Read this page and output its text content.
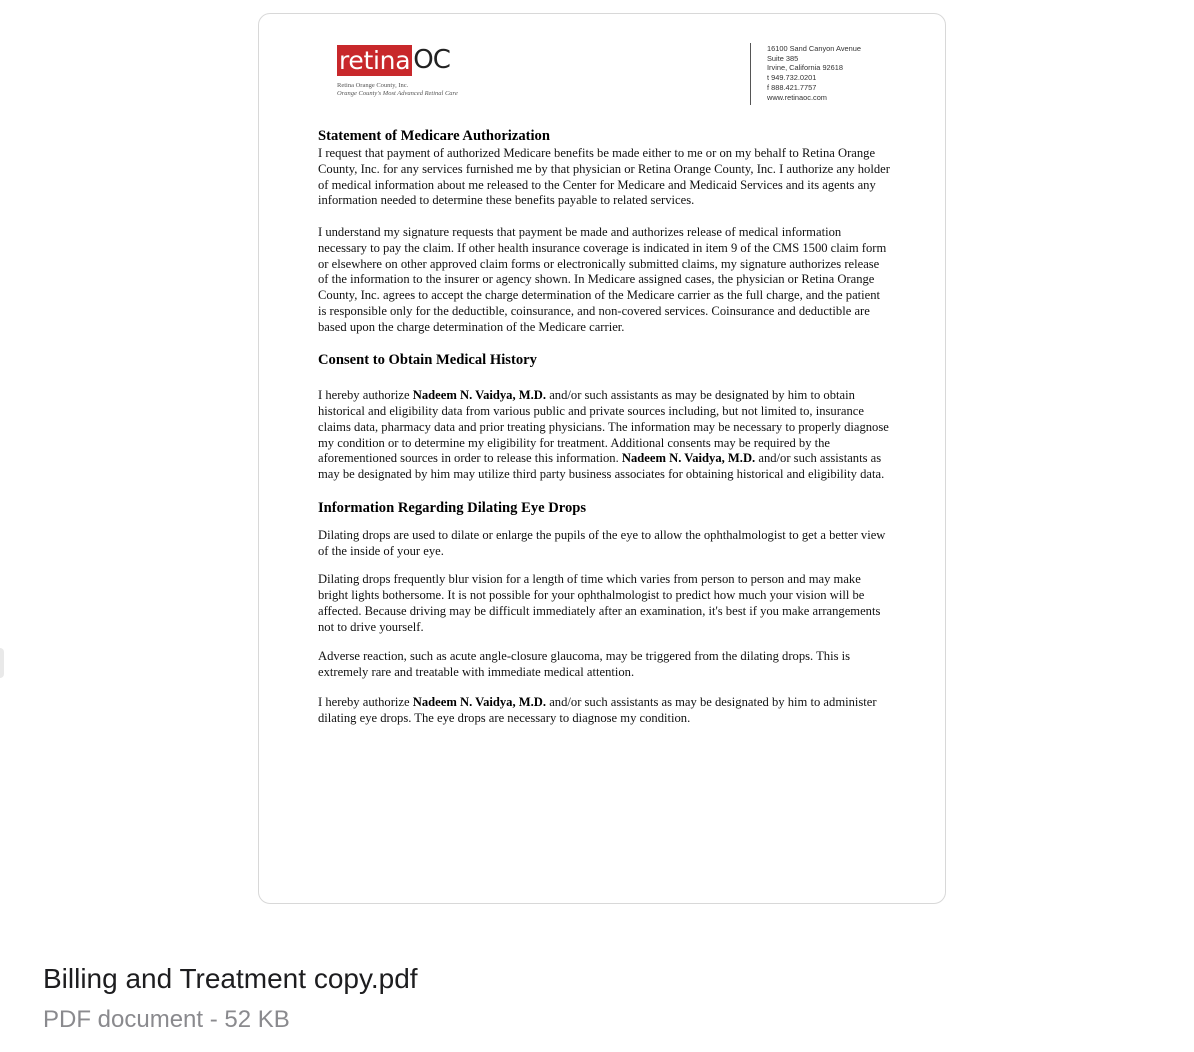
retina OC
Retina Orange County, Inc.
Orange County's Most Advanced Retinal Care
16100 Sand Canyon Avenue
Suite 385
Irvine, California 92618
t 949.732.0201
f 888.421.7757
www.retinaoc.com
Statement of Medicare Authorization

I request that payment of authorized Medicare benefits be made either to me or on my behalf to Retina Orange County, Inc. for any services furnished me by that physician or Retina Orange County, Inc. I authorize any holder of medical information about me released to the Center for Medicare and Medicaid Services and its agents any information needed to determine these benefits payable to related services.

I understand my signature requests that payment be made and authorizes release of medical information necessary to pay the claim. If other health insurance coverage is indicated in item 9 of the CMS 1500 claim form or elsewhere on other approved claim forms or electronically submitted claims, my signature authorizes release of the information to the insurer or agency shown. In Medicare assigned cases, the physician or Retina Orange County, Inc. agrees to accept the charge determination of the Medicare carrier as the full charge, and the patient is responsible only for the deductible, coinsurance, and non-covered services. Coinsurance and deductible are based upon the charge determination of the Medicare carrier.

Consent to Obtain Medical History

I hereby authorize Nadeem N. Vaidya, M.D. and/or such assistants as may be designated by him to obtain historical and eligibility data from various public and private sources including, but not limited to, insurance claims data, pharmacy data and prior treating physicians. The information may be necessary to properly diagnose my condition or to determine my eligibility for treatment. Additional consents may be required by the aforementioned sources in order to release this information. Nadeem N. Vaidya, M.D. and/or such assistants as may be designated by him may utilize third party business associates for obtaining historical and eligibility data.

Information Regarding Dilating Eye Drops

Dilating drops are used to dilate or enlarge the pupils of the eye to allow the ophthalmologist to get a better view of the inside of your eye.

Dilating drops frequently blur vision for a length of time which varies from person to person and may make bright lights bothersome. It is not possible for your ophthalmologist to predict how much your vision will be affected. Because driving may be difficult immediately after an examination, it's best if you make arrangements not to drive yourself.

Adverse reaction, such as acute angle-closure glaucoma, may be triggered from the dilating drops. This is extremely rare and treatable with immediate medical attention.

I hereby authorize Nadeem N. Vaidya, M.D. and/or such assistants as may be designated by him to administer dilating eye drops. The eye drops are necessary to diagnose my condition.

Billing and Treatment copy.pdf
PDF document - 52 KB
